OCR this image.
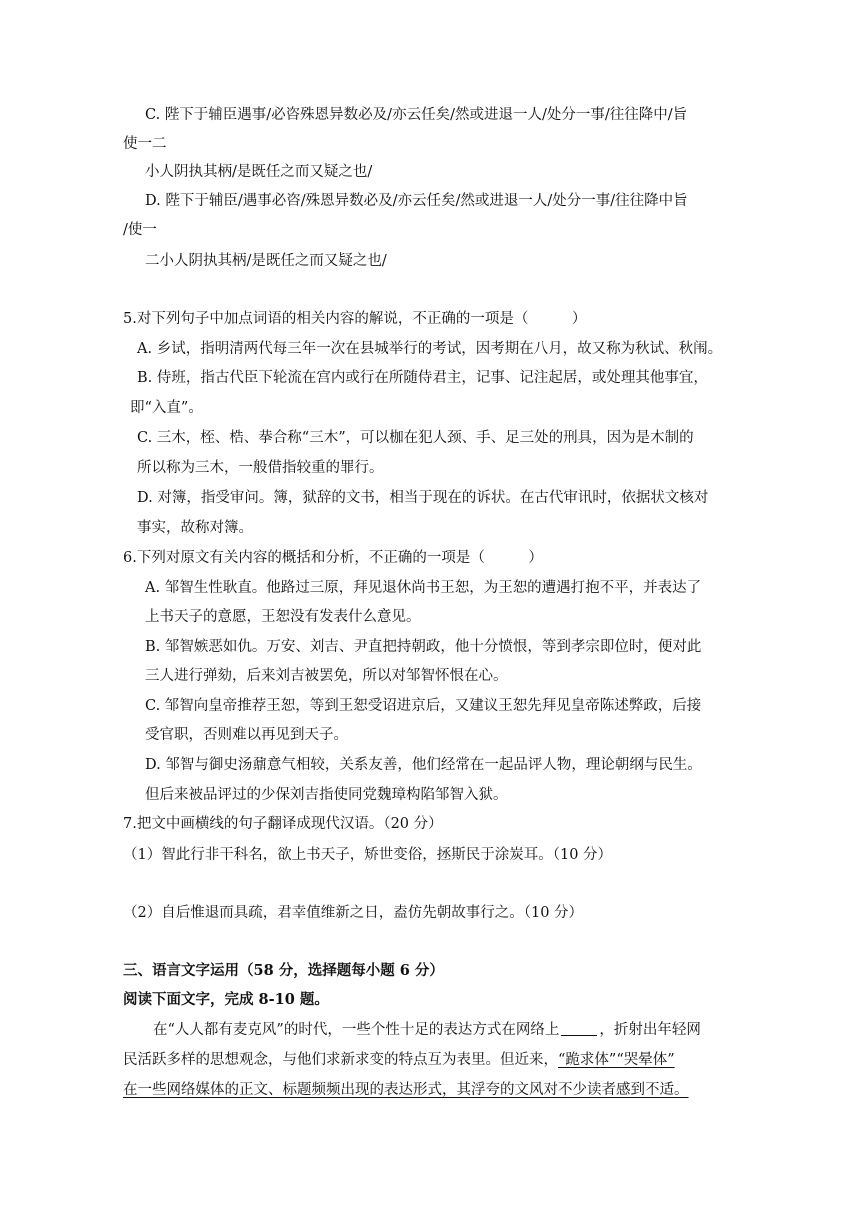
C. 陛下于辅臣遇事/必咨殊恩异数必及/亦云任矣/然或进退一人/处分一事/往往降中/旨
使一二
小人阴执其柄/是既任之而又疑之也/
D. 陛下于辅臣/遇事必咨/殊恩异数必及/亦云任矣/然或进退一人/处分一事/往往降中旨
/使一
二小人阴执其柄/是既任之而又疑之也/
5.对下列句子中加点词语的相关内容的解说，不正确的一项是（　　　）
A. 乡试，指明清两代每三年一次在县城举行的考试，因考期在八月，故又称为秋试、秋闱。
B. 侍班，指古代臣下轮流在宫内或行在所随侍君主，记事、记注起居，或处理其他事宜，
即“入直”。
C. 三木，桎、梏、拲合称“三木”，可以枷在犯人颈、手、足三处的刑具，因为是木制的
所以称为三木，一般借指较重的罪行。
D. 对簿，指受审问。簿，狱辞的文书，相当于现在的诉状。在古代审讯时，依据状文核对
事实，故称对簿。
6.下列对原文有关内容的概括和分析，不正确的一项是（　　　）
A. 邹智生性耿直。他路过三原，拜见退休尚书王恕，为王恕的遭遇打抱不平，并表达了
上书天子的意愿，王恕没有发表什么意见。
B. 邹智嫉恶如仇。万安、刘吉、尹直把持朝政，他十分愤恨，等到孝宗即位时，便对此
三人进行弹劾，后来刘吉被罢免，所以对邹智怀恨在心。
C. 邹智向皇帝推荐王恕，等到王恕受诏进京后，又建议王恕先拜见皇帝陈述弊政，后接
受官职，否则难以再见到天子。
D. 邹智与御史汤鼐意气相较，关系友善，他们经常在一起品评人物，理论朝纲与民生。
但后来被品评过的少保刘吉指使同党魏璋构陷邹智入狱。
7.把文中画横线的句子翻译成现代汉语。（20 分）
（1）智此行非干科名，欲上书天子，矫世变俗，拯斯民于涂炭耳。（10 分）
（2）自后惟退而具疏，君幸值维新之日，盍仿先朝故事行之。（10 分）
三、语言文字运用（58 分，选择题每小题 6 分）
阅读下面文字，完成 8-10 题。
在“人人都有麦克风”的时代，一些个性十足的表达方式在网络上	，折射出年轻网
民活跃多样的思想观念，与他们求新求变的特点互为表里。但近来，“跪求体”“哭晕体”
在一些网络媒体的正文、标题频频出现的表达形式，其浮夸的文风对不少读者感到不适。
